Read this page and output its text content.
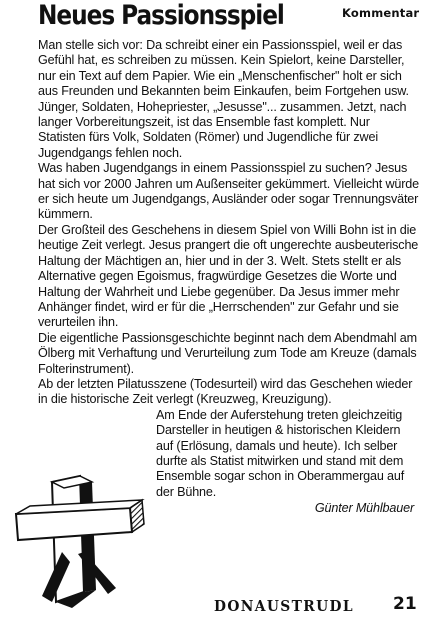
Neues Passionsspiel	Kommentar

Man stelle sich vor: Da schreibt einer ein Passionsspiel, weil er das Gefühl hat, es schreiben zu müssen. Kein Spielort, keine Darsteller, nur ein Text auf dem Papier. Wie ein „Menschenfischer" holt er sich aus Freunden und Bekannten beim Einkaufen, beim Fortgehen usw. Jünger, Soldaten, Hohepriester, „Jesusse"... zusammen. Jetzt, nach langer Vorbereitungszeit, ist das Ensemble fast komplett. Nur Statisten fürs Volk, Soldaten (Römer) und Jugendliche für zwei Jugendgangs fehlen noch.

Was haben Jugendgangs in einem Passionsspiel zu suchen? Jesus hat sich vor 2000 Jahren um Außenseiter gekümmert. Vielleicht würde er sich heute um Jugendgangs, Ausländer oder sogar Trennungsväter kümmern.

Der Großteil des Geschehens in diesem Spiel von Willi Bohn ist in die heutige Zeit verlegt. Jesus prangert die oft ungerechte ausbeuterische Haltung der Mächtigen an, hier und in der 3. Welt. Stets stellt er als Alternative gegen Egoismus, fragwürdige Gesetzes die Worte und Haltung der Wahrheit und Liebe gegenüber. Da Jesus immer mehr Anhänger findet, wird er für die „Herrschenden" zur Gefahr und sie verurteilen ihn.

Die eigentliche Passionsgeschichte beginnt nach dem Abendmahl am Ölberg mit Verhaftung und Verurteilung zum Tode am Kreuze (damals Folterinstrument).

Ab der letzten Pilatusszene (Todesurteil) wird das Geschehen wieder in die historische Zeit verlegt (Kreuzweg, Kreuzigung).

Am Ende der Auferstehung treten gleichzeitig Darsteller in heutigen & historischen Kleidern auf (Erlösung, damals und heute). Ich selber durfte als Statist mitwirken und stand mit dem Ensemble sogar schon in Oberammergau auf der Bühne.

Günter Mühlbauer
DONAUSTRUDL 21
